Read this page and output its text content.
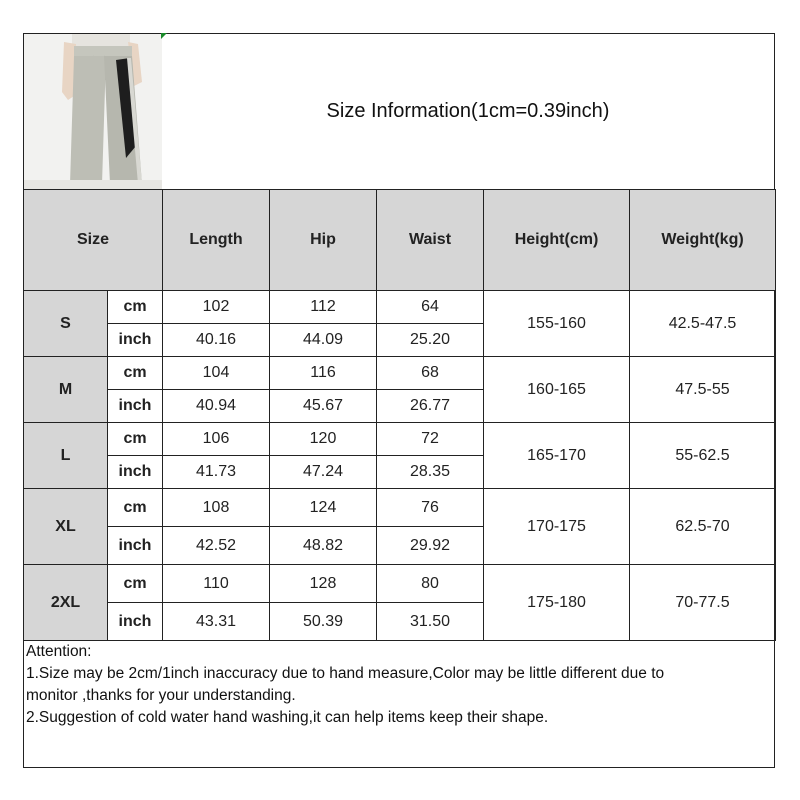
Size Information(1cm=0.39inch)
Size		Length	Hip	Waist	Height(cm)	Weight(kg)
S	cm	102	112	64	155-160	42.5-47.5
	inch	40.16	44.09	25.20		
M	cm	104	116	68	160-165	47.5-55
	inch	40.94	45.67	26.77		
L	cm	106	120	72	165-170	55-62.5
	inch	41.73	47.24	28.35		
XL	cm	108	124	76	170-175	62.5-70
	inch	42.52	48.82	29.92		
2XL	cm	110	128	80	175-180	70-77.5
	inch	43.31	50.39	31.50		
Attention:
1.Size may be 2cm/1inch inaccuracy due to hand measure,Color may be little different due to
monitor ,thanks for your understanding.
2.Suggestion of cold water hand washing,it can help items keep their shape.
